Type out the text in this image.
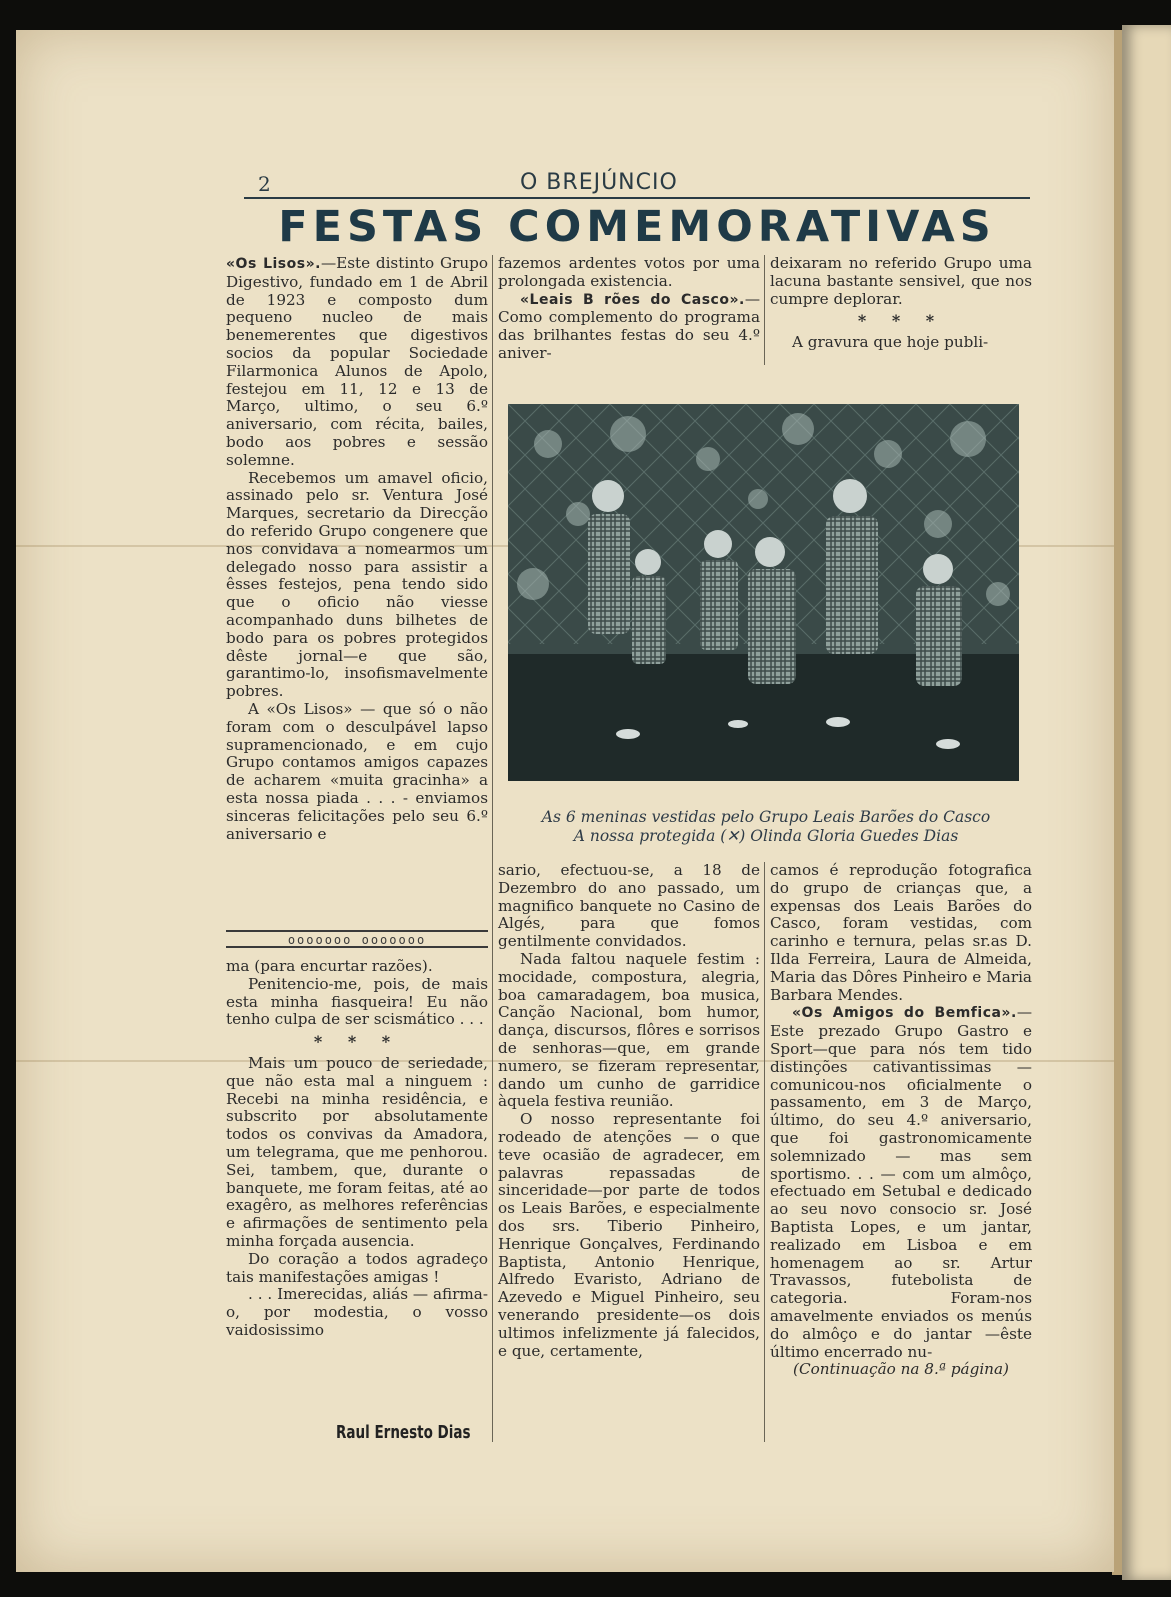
2	O BREJÚNCIO
FESTAS COMEMORATIVAS

«Os Lisos».—Este distinto Grupo Digestivo, fundado em 1 de Abril de 1923 e composto dum pequeno nucleo de mais benemerentes que digestivos socios da popular Sociedade Filarmonica Alunos de Apolo, festejou em 11, 12 e 13 de Março, ultimo, o seu 6.º aniversario, com récita, bailes, bodo aos pobres e sessão solemne.

Recebemos um amavel oficio, assinado pelo sr. Ventura José Marques, secretario da Direcção do referido Grupo congenere que nos convidava a nomearmos um delegado nosso para assistir a êsses festejos, pena tendo sido que o oficio não viesse acompanhado duns bilhetes de bodo para os pobres protegidos dêste jornal—e que são, garantimo-lo, insofismavelmente pobres.

A «Os Lisos» — que só o não foram com o desculpável lapso supramencionado, e em cujo Grupo contamos amigos capazes de acharem «muita gracinha» a esta nossa piada . . . - enviamos sinceras felicitações pelo seu 6.º aniversario e

ooooooo ooooooo

ma (para encurtar razões).

Penitencio-me, pois, de mais esta minha fiasqueira! Eu não tenho culpa de ser scismático . . .

* * *

Mais um pouco de seriedade, que não esta mal a ninguem : Recebi na minha residência, e subscrito por absolutamente todos os convivas da Amadora, um telegrama, que me penhorou. Sei, tambem, que, durante o banquete, me foram feitas, até ao exagêro, as melhores referências e afirmações de sentimento pela minha forçada ausencia.

Do coração a todos agradeço tais manifestações amigas !

. . . Imerecidas, aliás — afirma-o, por modestia, o vosso vaidosissimo

Raul Ernesto Dias

fazemos ardentes votos por uma prolongada existencia.

«Leais B rões do Casco».—Como complemento do programa das brilhantes festas do seu 4.º aniver-

deixaram no referido Grupo uma lacuna bastante sensivel, que nos cumpre deplorar.

* * *

A gravura que hoje publi-

As 6 meninas vestidas pelo Grupo Leais Barões do Casco
A nossa protegida (✕) Olinda Gloria Guedes Dias

sario, efectuou-se, a 18 de Dezembro do ano passado, um magnifico banquete no Casino de Algés, para que fomos gentilmente convidados.

Nada faltou naquele festim : mocidade, compostura, alegria, boa camaradagem, boa musica, Canção Nacional, bom humor, dança, discursos, flôres e sorrisos de senhoras—que, em grande numero, se fizeram representar, dando um cunho de garridice àquela festiva reunião.

O nosso representante foi rodeado de atenções — o que teve ocasião de agradecer, em palavras repassadas de sinceridade—por parte de todos os Leais Barões, e especialmente dos srs. Tiberio Pinheiro, Henrique Gonçalves, Ferdinando Baptista, Antonio Henrique, Alfredo Evaristo, Adriano de Azevedo e Miguel Pinheiro, seu venerando presidente—os dois ultimos infelizmente já falecidos, e que, certamente,

camos é reprodução fotografica do grupo de crianças que, a expensas dos Leais Barões do Casco, foram vestidas, com carinho e ternura, pelas sr.as D. Ilda Ferreira, Laura de Almeida, Maria das Dôres Pinheiro e Maria Barbara Mendes.

«Os Amigos do Bemfica».—Este prezado Grupo Gastro e Sport—que para nós tem tido distinções cativantissimas — comunicou-nos oficialmente o passamento, em 3 de Março, último, do seu 4.º aniversario, que foi gastronomicamente solemnizado — mas sem sportismo. . . — com um almôço, efectuado em Setubal e dedicado ao seu novo consocio sr. José Baptista Lopes, e um jantar, realizado em Lisboa e em homenagem ao sr. Artur Travassos, futebolista de categoria. Foram-nos amavelmente enviados os menús do almôço e do jantar —êste último encerrado nu-

(Continuação na 8.ª página)
